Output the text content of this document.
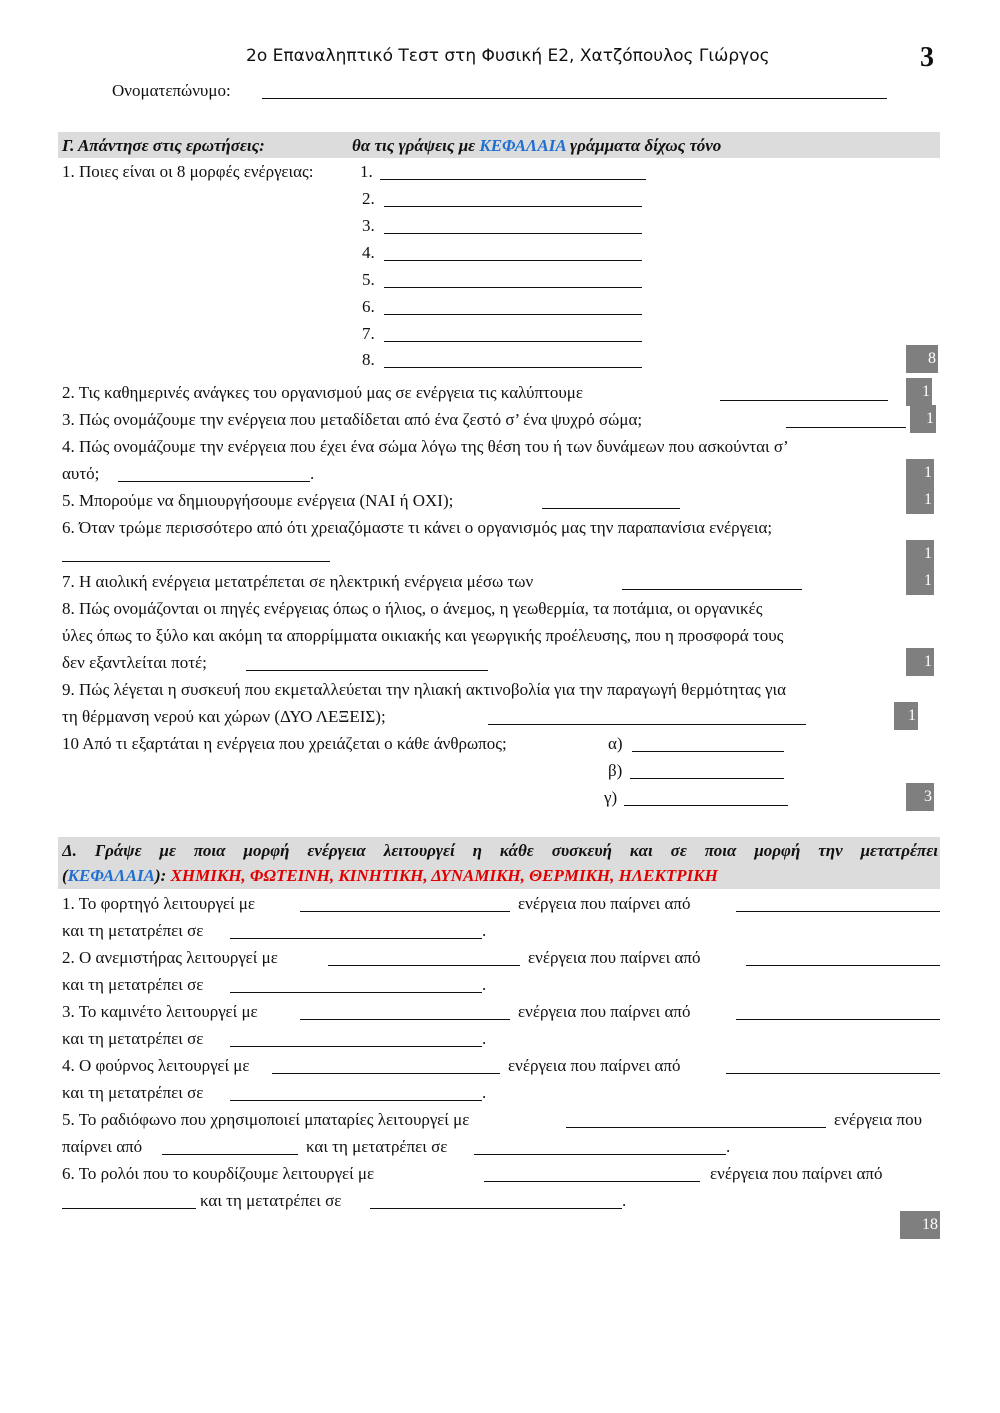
2ο Επαναληπτικό Τεστ στη Φυσική Ε2, Χατζόπουλος Γιώργος	3
Ονοματεπώνυμο:
Γ. Απάντησε στις ερωτήσεις:	θα τις γράψεις με ΚΕΦΑΛΑΙΑ γράμματα δίχως τόνο
1. Ποιες είναι οι 8 μορφές ενέργειας:	1.
2.
3.
4.
5.
6.
7.
8.	8
2. Τις καθημερινές ανάγκες του οργανισμού μας σε ενέργεια τις καλύπτουμε	1
3. Πώς ονομάζουμε την ενέργεια που μεταδίδεται από ένα ζεστό σ’ ένα ψυχρό σώμα;	1
4. Πώς ονομάζουμε την ενέργεια που έχει ένα σώμα λόγω της θέση του ή των δυνάμεων που ασκούνται σ’
αυτό;	.	1
5. Μπορούμε να δημιουργήσουμε ενέργεια (ΝΑΙ ή ΟΧΙ);	1
6. Όταν τρώμε περισσότερο από ότι χρειαζόμαστε τι κάνει ο οργανισμός μας την παραπανίσια ενέργεια;
1
7. Η αιολική ενέργεια μετατρέπεται σε ηλεκτρική ενέργεια μέσω των	1
8. Πώς ονομάζονται οι πηγές ενέργειας όπως ο ήλιος, ο άνεμος, η γεωθερμία, τα ποτάμια, οι οργανικές
ύλες όπως το ξύλο και ακόμη τα απορρίμματα οικιακής και γεωργικής προέλευσης, που η προσφορά τους
δεν εξαντλείται ποτέ;	1
9. Πώς λέγεται η συσκευή που εκμεταλλεύεται την ηλιακή ακτινοβολία για την παραγωγή θερμότητας για
τη θέρμανση νερού και χώρων (ΔΥΟ ΛΕΞΕΙΣ);	1
10 Από τι εξαρτάται η ενέργεια που χρειάζεται ο κάθε άνθρωπος;	α)
β)
γ)	3
Δ. Γράψε με ποια μορφή ενέργεια λειτουργεί η κάθε συσκευή και σε ποια μορφή την μετατρέπει
(ΚΕΦΑΛΑΙΑ): ΧΗΜΙΚΗ, ΦΩΤΕΙΝΗ, ΚΙΝΗΤΙΚΗ, ΔΥΝΑΜΙΚΗ, ΘΕΡΜΙΚΗ, ΗΛΕΚΤΡΙΚΗ
1. Το φορτηγό λειτουργεί με	ενέργεια που παίρνει από
και τη μετατρέπει σε	.
2. Ο ανεμιστήρας λειτουργεί με	ενέργεια που παίρνει από
και τη μετατρέπει σε	.
3. Το καμινέτο λειτουργεί με	ενέργεια που παίρνει από
και τη μετατρέπει σε	.
4. Ο φούρνος λειτουργεί με	ενέργεια που παίρνει από
και τη μετατρέπει σε	.
5. Το ραδιόφωνο που χρησιμοποιεί μπαταρίες λειτουργεί με	ενέργεια που
παίρνει από	και τη μετατρέπει σε	.
6. Το ρολόι που το κουρδίζουμε λειτουργεί με	ενέργεια που παίρνει από
και τη μετατρέπει σε	.
18
